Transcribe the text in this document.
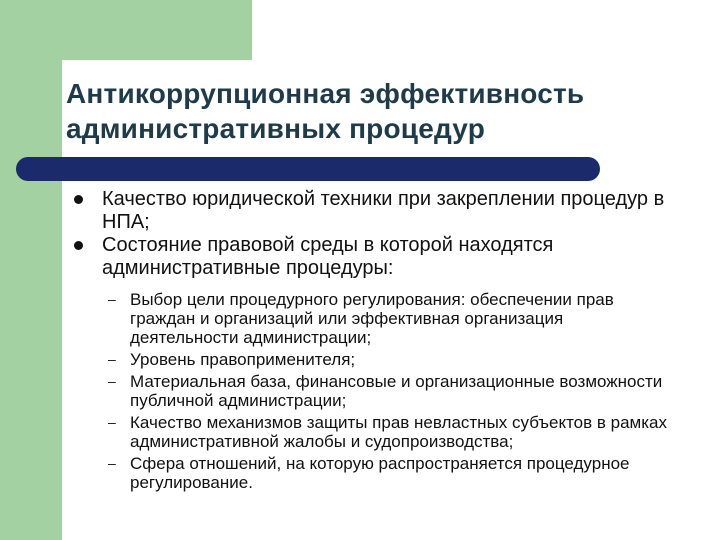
Антикоррупционная эффективность
административных процедур
Качество юридической техники при закреплении процедур в НПА;
Состояние правовой среды в которой находятся административные процедуры:
– Выбор цели процедурного регулирования: обеспечении прав граждан и организаций или эффективная организация деятельности администрации;
– Уровень правоприменителя;
– Материальная база, финансовые и организационные возможности публичной администрации;
– Качество механизмов защиты прав невластных субъектов в рамках административной жалобы и судопроизводства;
– Сфера отношений, на которую распространяется процедурное регулирование.
